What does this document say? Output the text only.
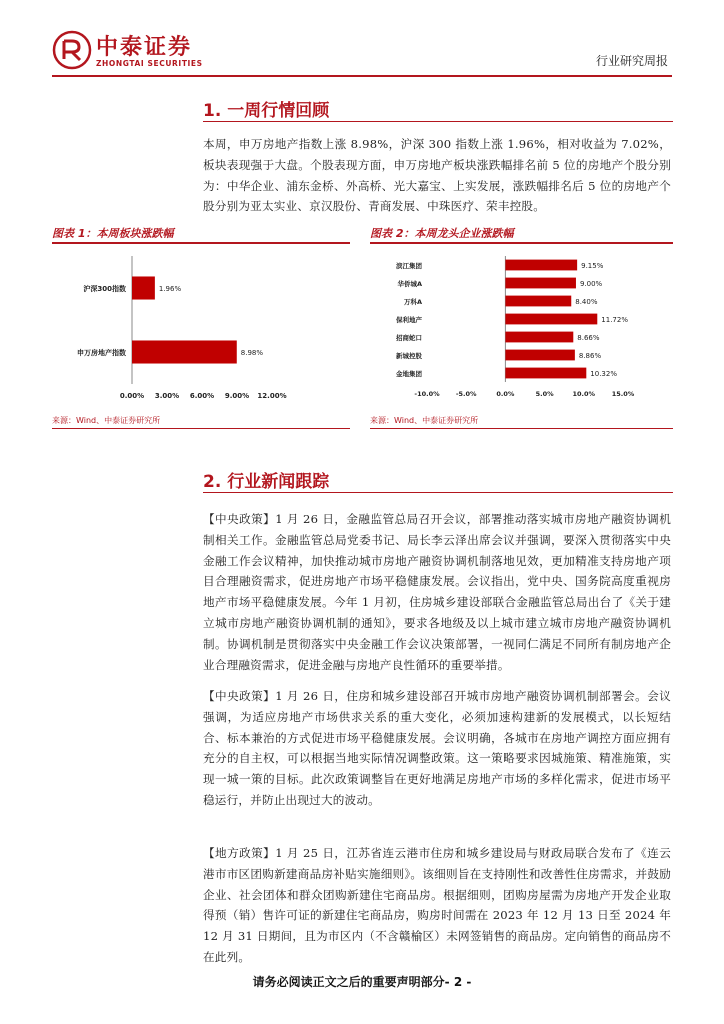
中泰证券
ZHONGTAI SECURITIES	行业研究周报
1. 一周行情回顾
本周，申万房地产指数上涨 8.98%，沪深 300 指数上涨 1.96%，相对收益为 7.02%，板块表现强于大盘。个股表现方面，申万房地产板块涨跌幅排名前 5 位的房地产个股分别为：中华企业、浦东金桥、外高桥、光大嘉宝、上实发展，涨跌幅排名后 5 位的房地产个股分别为亚太实业、京汉股份、青商发展、中珠医疗、荣丰控股。
图表 1：本周板块涨跌幅
沪深300指数	1.96%
申万房地产指数	8.98%
0.00% 3.00% 6.00% 9.00% 12.00%
来源：Wind、中泰证券研究所
图表 2：本周龙头企业涨跌幅
滨江集团	9.15%
华侨城A	9.00%
万科A	8.40%
保利地产	11.72%
招商蛇口	8.66%
新城控股	8.86%
金地集团	10.32%
-10.0% -5.0%	0.0%	5.0%	10.0%	15.0%
来源：Wind、中泰证券研究所
2. 行业新闻跟踪
【中央政策】1 月 26 日，金融监管总局召开会议，部署推动落实城市房地产融资协调机制相关工作。金融监管总局党委书记、局长李云泽出席会议并强调，要深入贯彻落实中央金融工作会议精神，加快推动城市房地产融资协调机制落地见效，更加精准支持房地产项目合理融资需求，促进房地产市场平稳健康发展。会议指出，党中央、国务院高度重视房地产市场平稳健康发展。今年 1 月初，住房城乡建设部联合金融监管总局出台了《关于建立城市房地产融资协调机制的通知》，要求各地级及以上城市建立城市房地产融资协调机制。协调机制是贯彻落实中央金融工作会议决策部署，一视同仁满足不同所有制房地产企业合理融资需求，促进金融与房地产良性循环的重要举措。
【中央政策】1 月 26 日，住房和城乡建设部召开城市房地产融资协调机制部署会。会议强调，为适应房地产市场供求关系的重大变化，必须加速构建新的发展模式，以长短结合、标本兼治的方式促进市场平稳健康发展。会议明确，各城市在房地产调控方面应拥有充分的自主权，可以根据当地实际情况调整政策。这一策略要求因城施策、精准施策，实现一城一策的目标。此次政策调整旨在更好地满足房地产市场的多样化需求，促进市场平稳运行，并防止出现过大的波动。
【地方政策】1 月 25 日，江苏省连云港市住房和城乡建设局与财政局联合发布了《连云港市市区团购新建商品房补贴实施细则》。该细则旨在支持刚性和改善性住房需求，并鼓励企业、社会团体和群众团购新建住宅商品房。根据细则，团购房屋需为房地产开发企业取得预（销）售许可证的新建住宅商品房，购房时间需在 2023 年 12 月 13 日至 2024 年 12 月 31 日期间，且为市区内（不含赣榆区）未网签销售的商品房。定向销售的商品房不在此列。
请务必阅读正文之后的重要声明部分- 2 -
